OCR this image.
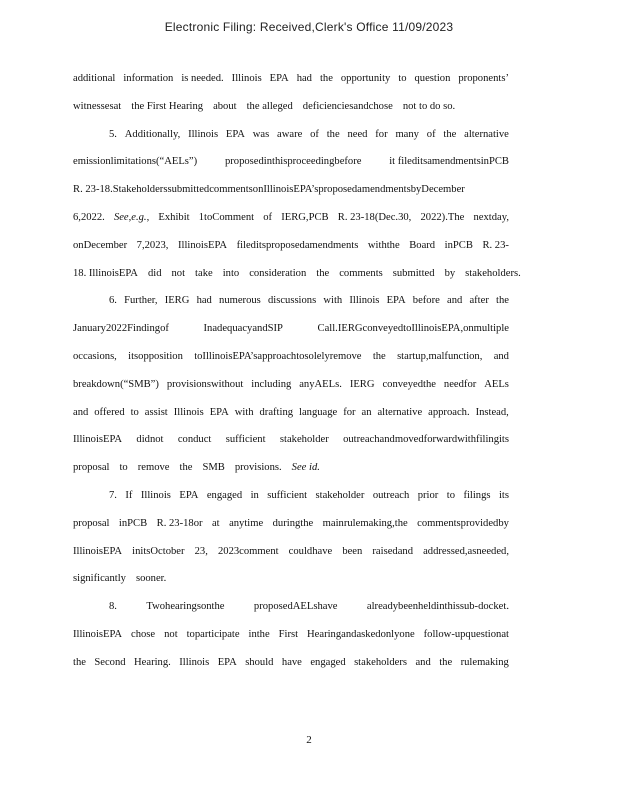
Electronic Filing: Received,Clerk's Office 11/09/2023
additional information is needed. Illinois EPA had the opportunity to question proponents’
witnessesat the First Hearing about the alleged deficienciesandchose not to do so.
5. Additionally, Illinois EPA was aware of the need for many of the alternative
emissionlimitations(“AELs”)	proposedinthisproceedingbefore	it fileditsamendmentsinPCB
R. 23-18.StakeholderssubmittedcommentsonIllinoisEPA’sproposedamendmentsbyDecember
6,2022. See,e.g., Exhibit 1toComment of IERG,PCB R. 23-18(Dec.30, 2022).The nextday,
onDecember 7,2023, IllinoisEPA fileditsproposedamendments withthe Board inPCB R. 23-
18. IllinoisEPA did not take into consideration the comments submitted by stakeholders.
6. Further, IERG had numerous discussions with Illinois EPA before and after the
January2022Findingof	InadequacyandSIP	Call.IERGconveyedtoIllinoisEPA,onmultiple
occasions, itsopposition toIllinoisEPA’sapproachtosolelyremove the startup,malfunction, and
breakdown(“SMB”) provisionswithout including anyAELs. IERG conveyedthe needfor AELs
and offered to assist Illinois EPA with drafting language for an alternative approach. Instead,
IllinoisEPA didnot conduct sufficient stakeholder outreachandmovedforwardwithfilingits
proposal to remove the SMB provisions. See id.
7. If Illinois EPA engaged in sufficient stakeholder outreach prior to filings its
proposal inPCB R. 23-18or at anytime duringthe mainrulemaking,the commentsprovidedby
IllinoisEPA initsOctober 23, 2023comment couldhave been raisedand addressed,asneeded,
significantly sooner.
8.	Twohearingsonthe	proposedAELshave	alreadybeenheldinthissub-docket.
IllinoisEPA chose not toparticipate inthe First Hearingandaskedonlyone follow-upquestionat
the Second Hearing. Illinois EPA should have engaged stakeholders and the rulemaking
2
